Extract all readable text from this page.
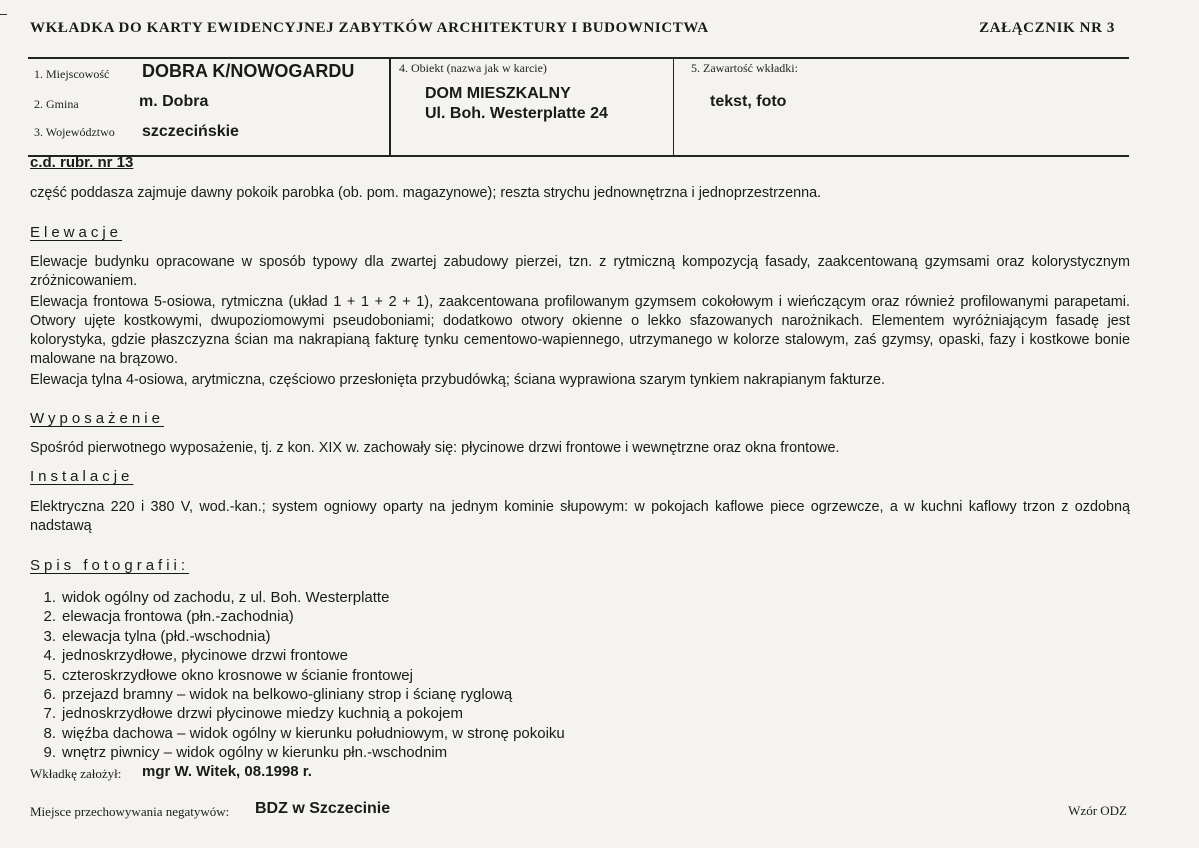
WKŁADKA DO KARTY EWIDENCYJNEJ ZABYTKÓW ARCHITEKTURY I BUDOWNICTWA	ZAŁĄCZNIK NR 3
1. Miejscowość DOBRA K/NOWOGARDU
2. Gmina	m. Dobra
3. Województwo szczecińskie
4. Obiekt (nazwa jak w karcie)
DOM MIESZKALNY
Ul. Boh. Westerplatte 24
5. Zawartość wkładki:
tekst, foto
c.d. rubr. nr 13
część poddasza zajmuje dawny pokoik parobka (ob. pom. magazynowe); reszta strychu jednownętrzna i jednoprzestrzenna.
Elewacje
Elewacje budynku opracowane w sposób typowy dla zwartej zabudowy pierzei, tzn. z rytmiczną kompozycją fasady, zaakcentowaną gzymsami oraz kolorystycznym zróżnicowaniem.
Elewacja frontowa 5-osiowa, rytmiczna (układ 1 + 1 + 2 + 1), zaakcentowana profilowanym gzymsem cokołowym i wieńczącym oraz również profilowanymi parapetami. Otwory ujęte kostkowymi, dwupoziomowymi pseudoboniami; dodatkowo otwory okienne o lekko sfazowanych narożnikach. Elementem wyróżniającym fasadę jest kolorystyka, gdzie płaszczyzna ścian ma nakrapianą fakturę tynku cementowo-wapiennego, utrzymanego w kolorze stalowym, zaś gzymsy, opaski, fazy i kostkowe bonie malowane na brązowo.
Elewacja tylna 4-osiowa, arytmiczna, częściowo przesłonięta przybudówką; ściana wyprawiona szarym tynkiem nakrapianym fakturze.
Wyposażenie
Spośród pierwotnego wyposażenie, tj. z kon. XIX w. zachowały się: płycinowe drzwi frontowe i wewnętrzne oraz okna frontowe.
Instalacje
Elektryczna 220 i 380 V, wod.-kan.; system ogniowy oparty na jednym kominie słupowym: w pokojach kaflowe piece ogrzewcze, a w kuchni kaflowy trzon z ozdobną nadstawą
Spis fotografii:
1. widok ogólny od zachodu, z ul. Boh. Westerplatte
2. elewacja frontowa (płn.-zachodnia)
3. elewacja tylna (płd.-wschodnia)
4. jednoskrzydłowe, płycinowe drzwi frontowe
5. czteroskrzydłowe okno krosnowe w ścianie frontowej
6. przejazd bramny – widok na belkowo-gliniany strop i ścianę ryglową
7. jednoskrzydłowe drzwi płycinowe miedzy kuchnią a pokojem
8. więźba dachowa – widok ogólny w kierunku południowym, w stronę pokoiku
9. wnętrz piwnicy – widok ogólny w kierunku płn.-wschodnim
Wkładkę założył: mgr W. Witek, 08.1998 r.
Miejsce przechowywania negatywów: BDZ w Szczecinie	Wzór ODZ
